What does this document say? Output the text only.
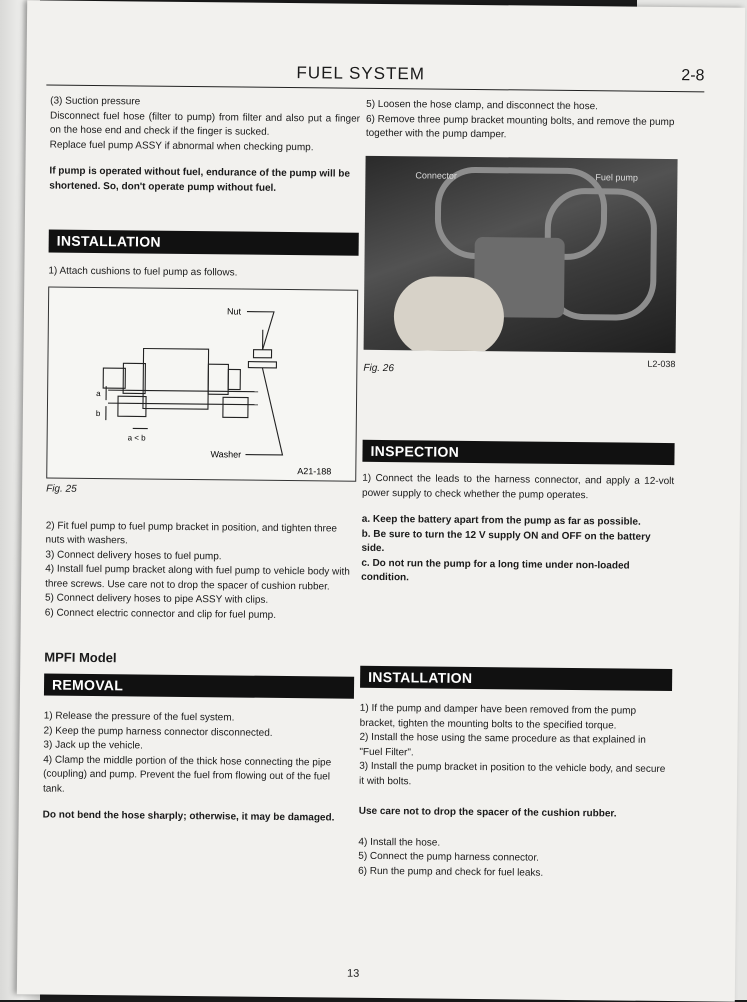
FUEL SYSTEM	2-8

(3) Suction pressure

Disconnect fuel hose (filter to pump) from filter and also put a finger on the hose end and check if the finger is sucked.

Replace fuel pump ASSY if abnormal when checking pump.

If pump is operated without fuel, endurance of the pump will be shortened. So, don't operate pump without fuel.

INSTALLATION

1) Attach cushions to fuel pump as follows.

Nut
Washer
a
b
a < b
A21-188

Fig. 25

2) Fit fuel pump to fuel pump bracket in position, and tighten three nuts with washers.
3) Connect delivery hoses to fuel pump.
4) Install fuel pump bracket along with fuel pump to vehicle body with three screws. Use care not to drop the spacer of cushion rubber.
5) Connect delivery hoses to pipe ASSY with clips.
6) Connect electric connector and clip for fuel pump.

MPFI Model

REMOVAL
1) Release the pressure of the fuel system.
2) Keep the pump harness connector disconnected.
3) Jack up the vehicle.
4) Clamp the middle portion of the thick hose connecting the pipe (coupling) and pump. Prevent the fuel from flowing out of the fuel tank.

Do not bend the hose sharply; otherwise, it may be damaged.

5) Loosen the hose clamp, and disconnect the hose.
6) Remove three pump bracket mounting bolts, and remove the pump together with the pump damper.
Connector	Fuel pump
Fig. 26	L2-038
INSPECTION

1) Connect the leads to the harness connector, and apply a 12-volt power supply to check whether the pump operates.

a. Keep the battery apart from the pump as far as possible.

b. Be sure to turn the 12 V supply ON and OFF on the battery side.

c. Do not run the pump for a long time under non-loaded condition.

INSTALLATION
1) If the pump and damper have been removed from the pump bracket, tighten the mounting bolts to the specified torque.
2) Install the hose using the same procedure as that explained in "Fuel Filter".
3) Install the pump bracket in position to the vehicle body, and secure it with bolts.

Use care not to drop the spacer of the cushion rubber.

4) Install the hose.
5) Connect the pump harness connector.
6) Run the pump and check for fuel leaks.
13
